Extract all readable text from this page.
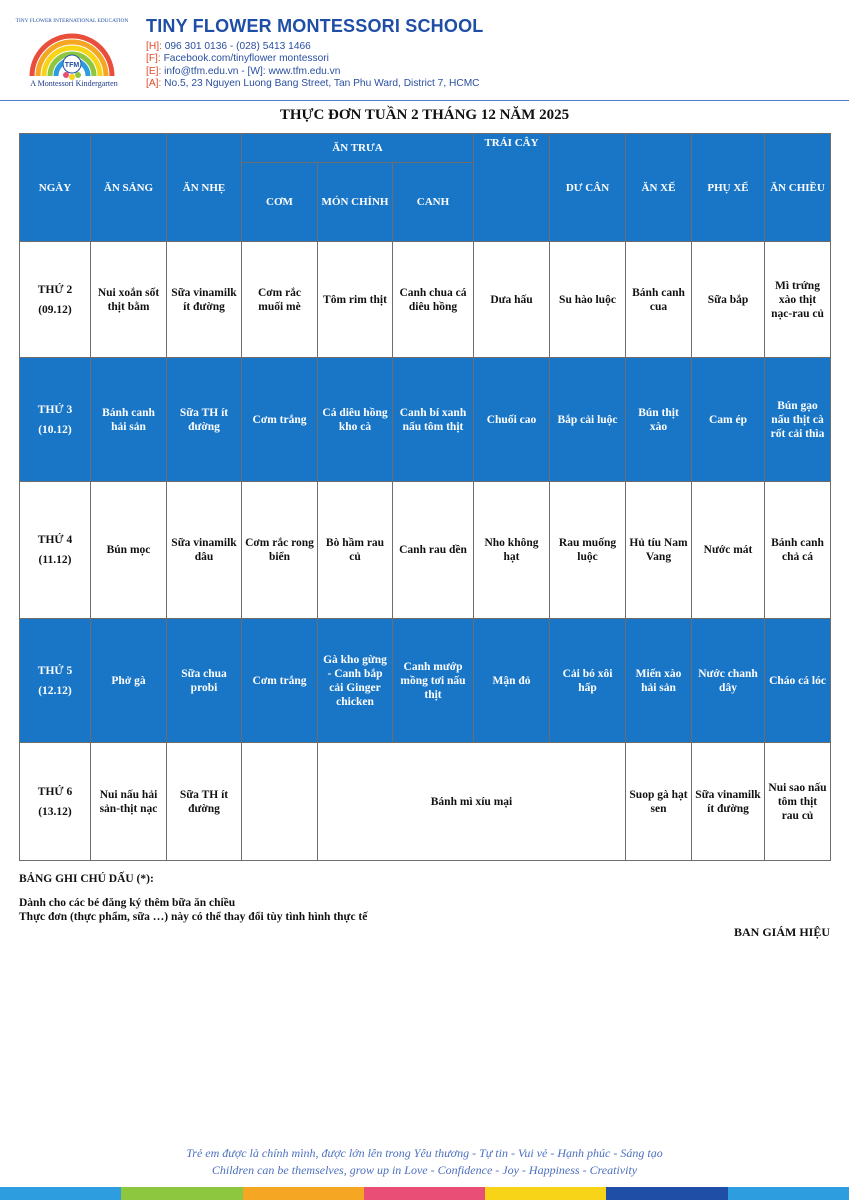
TFM
TINY FLOWER INTERNATIONAL EDUCATION
A Montessori Kindergarten
TINY FLOWER MONTESSORI SCHOOL
[H]: 096 301 0136 - (028) 5413 1466
[F]: Facebook.com/tinyflower montessori
[E]: info@tfm.edu.vn - [W]: www.tfm.edu.vn
[A]: No.5, 23 Nguyen Luong Bang Street, Tan Phu Ward, District 7, HCMC
THỰC ĐƠN TUẦN 2 THÁNG 12 NĂM 2025
NGÀY	ĂN SÁNG	ĂN NHẸ	ĂN TRƯA			TRÁI CÂY	DƯ CÂN	ĂN XẾ	PHỤ XẾ	ĂN CHIỀU
			CƠM	MÓN CHÍNH	CANH					
THỨ 2
(09.12)	Nui xoắn sốt thịt bằm	Sữa vinamilk ít đường	Cơm rắc muối mè	Tôm rim thịt	Canh chua cá diêu hồng	Dưa hấu	Su hào luộc	Bánh canh cua	Sữa bắp	Mì trứng xào thịt nạc-rau củ
THỨ 3
(10.12)	Bánh canh hải sản	Sữa TH ít đường	Cơm trắng	Cá diêu hồng kho cà	Canh bí xanh nấu tôm thịt	Chuối cao	Bắp cải luộc	Bún thịt xào	Cam ép	Bún gạo nấu thịt cà rốt cải thìa
THỨ 4
(11.12)	Bún mọc	Sữa vinamilk dâu	Cơm rắc rong biển	Bò hầm rau củ	Canh rau dền	Nho không hạt	Rau muống luộc	Hủ tíu Nam Vang	Nước mát	Bánh canh chả cá
THỨ 5
(12.12)	Phở gà	Sữa chua probi	Cơm trắng	Gà kho gừng - Canh bắp cải Ginger chicken	Canh mướp mồng tơi nấu thịt	Mận đỏ	Cải bó xôi hấp	Miến xào hải sản	Nước chanh dây	Cháo cá lóc
THỨ 6
(13.12)	Nui nấu hải sản-thịt nạc	Sữa TH ít đường		Bánh mì xíu mại				Suop gà hạt sen	Sữa vinamilk ít đường	Nui sao nấu tôm thịt rau củ
BẢNG GHI CHÚ DẤU (*):
Dành cho các bé đăng ký thêm bữa ăn chiều
Thực đơn (thực phẩm, sữa …) này có thể thay đổi tùy tình hình thực tế
BAN GIÁM HIỆU
Trẻ em được là chính mình, được lớn lên trong Yêu thương - Tự tin - Vui vẻ - Hạnh phúc - Sáng tạo
Children can be themselves, grow up in Love - Confidence - Joy - Happiness - Creativity
